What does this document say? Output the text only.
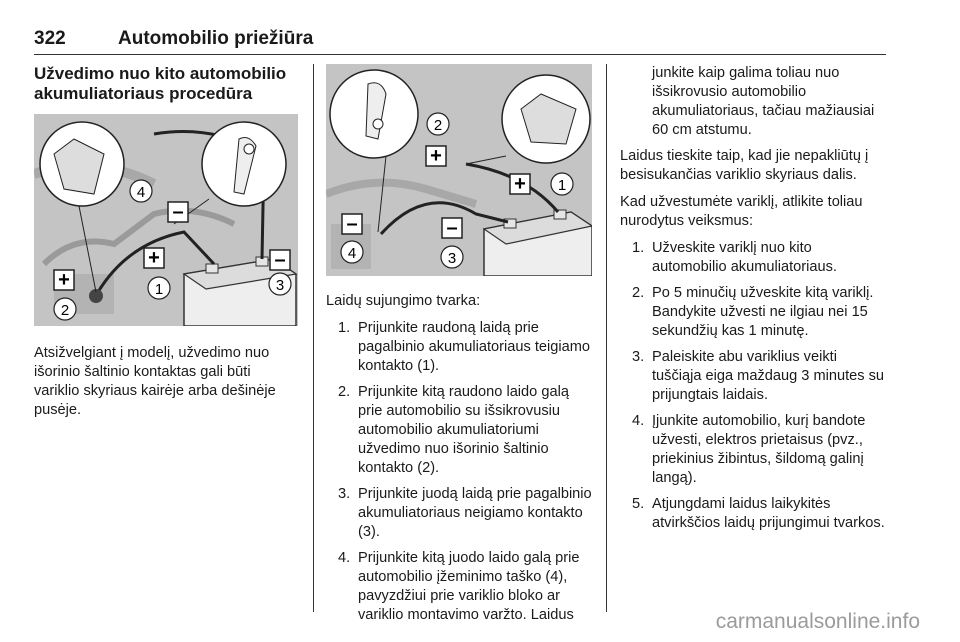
322	Automobilio priežiūra
Užvedimo nuo kito automobilio akumuliatoriaus procedūra
–
–
+
+	1
2
3
4

Atsižvelgiant į modelį, užvedimo nuo išorinio šaltinio kontaktas gali būti variklio skyriaus kairėje arba dešinėje pusėje.

+
+
–	–
1
2
3
4

Laidų sujungimo tvarka:

1. Prijunkite raudoną laidą prie pagalbinio akumuliatoriaus teigiamo kontakto (1).
2. Prijunkite kitą raudono laido galą prie automobilio su išsikrovusiu automobilio akumuliatoriumi užvedimo nuo išorinio šaltinio kontakto (2).
3. Prijunkite juodą laidą prie pagalbinio akumuliatoriaus neigiamo kontakto (3).
4. Prijunkite kitą juodo laido galą prie automobilio įžeminimo taško (4), pavyzdžiui prie variklio bloko ar variklio montavimo varžto. Laidus
junkite kaip galima toliau nuo išsikrovusio automobilio akumuliatoriaus, tačiau mažiausiai 60 cm atstumu.

Laidus tieskite taip, kad jie nepakliūtų į besisukančias variklio skyriaus dalis.

Kad užvestumėte variklį, atlikite toliau nurodytus veiksmus:

1. Užveskite variklį nuo kito automobilio akumuliatoriaus.
2. Po 5 minučių užveskite kitą variklį. Bandykite užvesti ne ilgiau nei 15 sekundžių kas 1 minutę.
3. Paleiskite abu variklius veikti tuščiąja eiga maždaug 3 minutes su prijungtais laidais.
4. Įjunkite automobilio, kurį bandote užvesti, elektros prietaisus (pvz., priekinius žibintus, šildomą galinį langą).
5. Atjungdami laidus laikykitės atvirkščios laidų prijungimui tvarkos.
carmanualsonline.info
